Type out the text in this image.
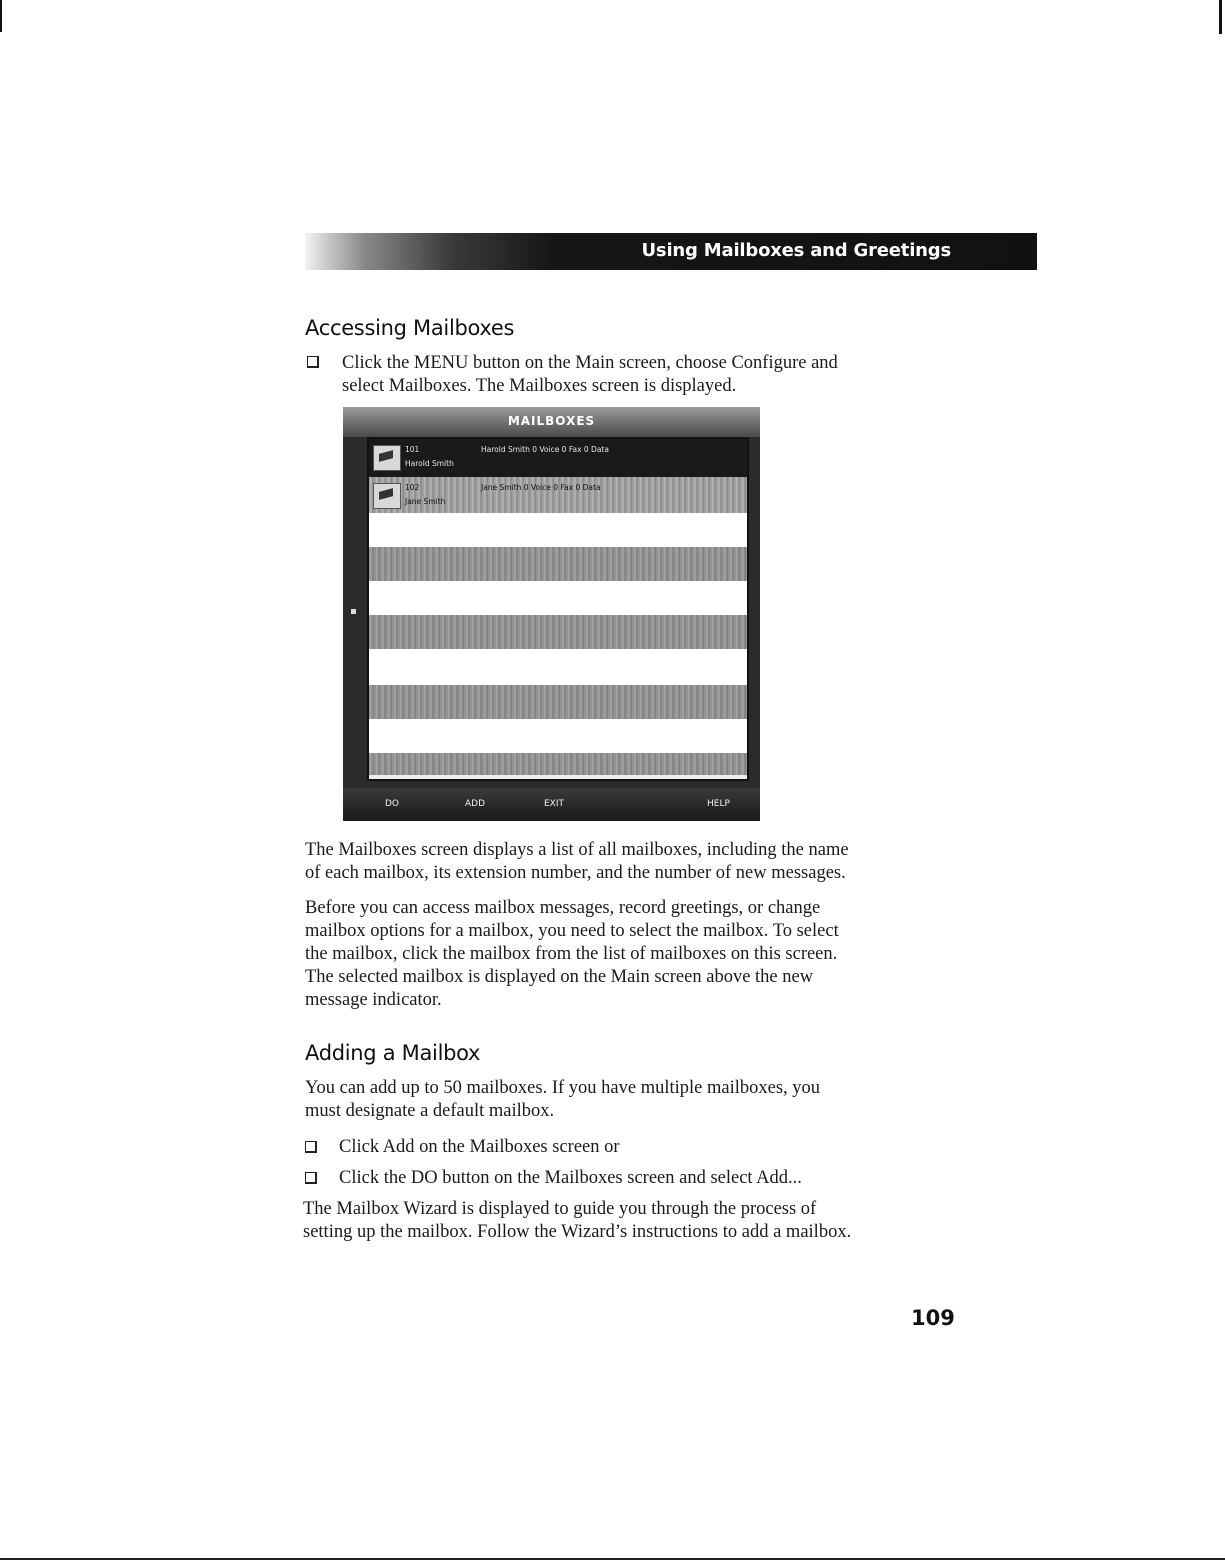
Using Mailboxes and Greetings
Accessing Mailboxes

Click the MENU button on the Main screen, choose Configure and

select Mailboxes. The Mailboxes screen is displayed.

MAILBOXES
101	Harold Smith 0 Voice 0 Fax 0 Data
Harold Smith
102	Jane Smith 0 Voice 0 Fax 0 Data
Jane Smith
DO	ADD	EXIT	HELP

The Mailboxes screen displays a list of all mailboxes, including the name

of each mailbox, its extension number, and the number of new messages.

Before you can access mailbox messages, record greetings, or change

mailbox options for a mailbox, you need to select the mailbox. To select

the mailbox, click the mailbox from the list of mailboxes on this screen.

The selected mailbox is displayed on the Main screen above the new

message indicator.

Adding a Mailbox

You can add up to 50 mailboxes. If you have multiple mailboxes, you

must designate a default mailbox.

Click Add on the Mailboxes screen or

Click the DO button on the Mailboxes screen and select Add...

The Mailbox Wizard is displayed to guide you through the process of

setting up the mailbox. Follow the Wizard’s instructions to add a mailbox.

109
